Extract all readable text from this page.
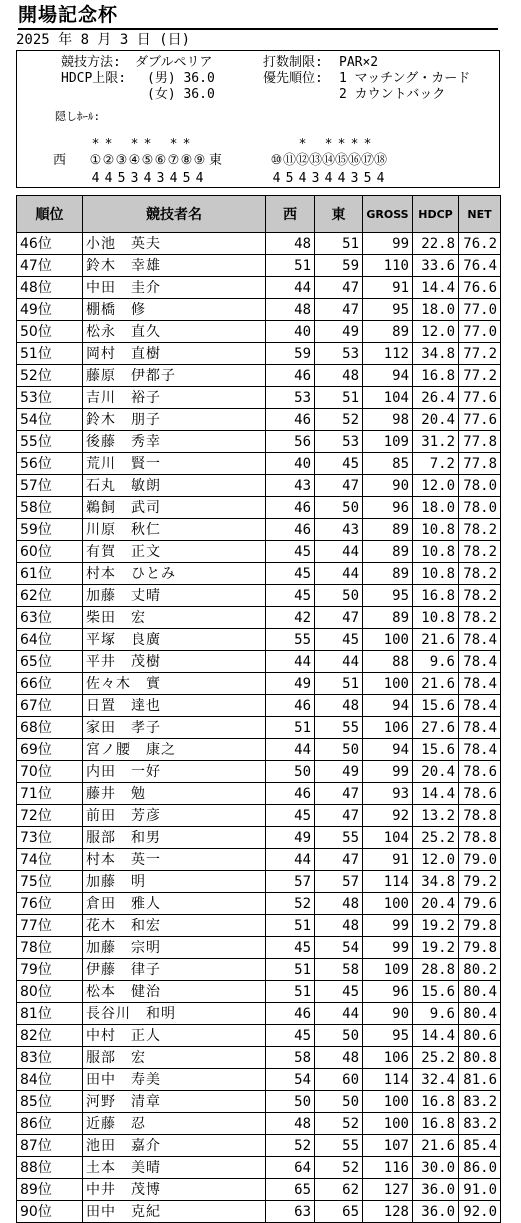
開場記念杯
2025 年 8 月 3 日 (日)
競技方法: ダブルペリア
HDCP上限: (男) 36.0
(女) 36.0
打数制限: PAR×2
優先順位: 1 マッチング・カード
2 カウントバック
隠しﾎｰﾙ:
* * * * * *
①②③④⑤⑥⑦⑧⑨
4 4 5 3 4 3 4 5 4
西	東
* * * * *
⑩⑪⑫⑬⑭⑮⑯⑰⑱
4 5 4 3 4 4 3 5 4
順位	競技者名	西	東	GROSS	HDCP	NET
46位	小池　英夫	48	51	99	22.8	76.2
47位	鈴木　幸雄	51	59	110	33.6	76.4
48位	中田　圭介	44	47	91	14.4	76.6
49位	棚橋　修	48	47	95	18.0	77.0
50位	松永　直久	40	49	89	12.0	77.0
51位	岡村　直樹	59	53	112	34.8	77.2
52位	藤原　伊都子	46	48	94	16.8	77.2
53位	吉川　裕子	53	51	104	26.4	77.6
54位	鈴木　朋子	46	52	98	20.4	77.6
55位	後藤　秀幸	56	53	109	31.2	77.8
56位	荒川　賢一	40	45	85	7.2	77.8
57位	石丸　敏朗	43	47	90	12.0	78.0
58位	鵜飼　武司	46	50	96	18.0	78.0
59位	川原　秋仁	46	43	89	10.8	78.2
60位	有賀　正文	45	44	89	10.8	78.2
61位	村本　ひとみ	45	44	89	10.8	78.2
62位	加藤　丈晴	45	50	95	16.8	78.2
63位	柴田　宏	42	47	89	10.8	78.2
64位	平塚　良廣	55	45	100	21.6	78.4
65位	平井　茂樹	44	44	88	9.6	78.4
66位	佐々木　實	49	51	100	21.6	78.4
67位	日置　達也	46	48	94	15.6	78.4
68位	家田　孝子	51	55	106	27.6	78.4
69位	宮ノ腰　康之	44	50	94	15.6	78.4
70位	内田　一好	50	49	99	20.4	78.6
71位	藤井　勉	46	47	93	14.4	78.6
72位	前田　芳彦	45	47	92	13.2	78.8
73位	服部　和男	49	55	104	25.2	78.8
74位	村本　英一	44	47	91	12.0	79.0
75位	加藤　明	57	57	114	34.8	79.2
76位	倉田　雅人	52	48	100	20.4	79.6
77位	花木　和宏	51	48	99	19.2	79.8
78位	加藤　宗明	45	54	99	19.2	79.8
79位	伊藤　律子	51	58	109	28.8	80.2
80位	松本　健治	51	45	96	15.6	80.4
81位	長谷川　和明	46	44	90	9.6	80.4
82位	中村　正人	45	50	95	14.4	80.6
83位	服部　宏	58	48	106	25.2	80.8
84位	田中　寿美	54	60	114	32.4	81.6
85位	河野　清章	50	50	100	16.8	83.2
86位	近藤　忍	48	52	100	16.8	83.2
87位	池田　嘉介	52	55	107	21.6	85.4
88位	土本　美晴	64	52	116	30.0	86.0
89位	中井　茂博	65	62	127	36.0	91.0
90位	田中　克紀	63	65	128	36.0	92.0
